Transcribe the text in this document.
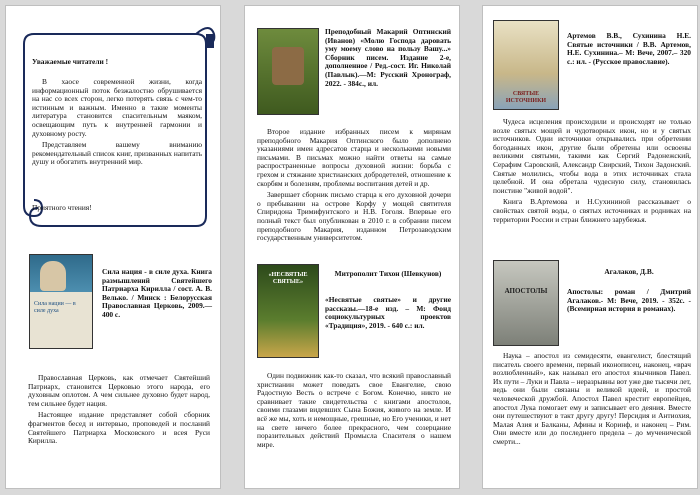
Уважаемые читатели !

В хаосе современной жизни, когда информационный поток безжалостно обрушивается на нас со всех сторон, легко потерять связь с чем-то истинным и важным. Именно в такие моменты литература становится спасительным маяком, освещающим путь к внутренней гармонии и духовному росту.

Представляем вашему вниманию рекомендательный список книг, призванных напитать душу и обогатить внутренний мир.

Приятного чтения!
Сила нации — в силе духа
Сила нация - в силе духа. Книга размышлений Святейшего Патриарха Кирилла / сост. А. В. Велько. / Минск : Белорусская Православная Церковь, 2009.—400 с.

Православная Церковь, как отмечает Святейший Патриарх, становится Церковью этого народа, его духовным оплотом. А чем сильнее духовно будет народ, тем сильнее будет нация.

Настоящее издание представляет собой сборник фрагментов бесед и интервью, проповедей и посланий Святейшего Патриарха Московского и всея Руси Кирилла.

Преподобный Макарий Оптинский (Иванов) «Молю Господа даровать уму моему слово на пользу Вашу...» Сборник писем. Издание 2-е, дополненное / Ред.-сост. Иг. Николай (Павлык).—М: Русский Хронограф, 2022. - 384с., ил.

Второе издание избранных писем к мирянам преподобного Макария Оптинского было дополнено указаниями имен адресатов старца и несколькими новыми письмами. В письмах можно найти ответы на самые распространенные вопросы духовной жизни: борьба с грехом и стяжание христианских добродетелей, отношение к скорбям и болезням, проблемы воспитания детей и др.

Завершает сборник письмо старца к его духовной дочери о пребывании на острове Корфу у мощей святителя Спиридона Тримифунтского и Н.В. Гоголя. Впервые его полный текст был опубликован в 2010 г. в собрании писем преподобного Макария, изданном Петрозаводским государственным университетом.

«НЕСВЯТЫЕ СВЯТЫЕ»
Митрополит Тихон (Шевкунов)
«Несвятые святые» и другие рассказы.—18-е изд. – М: Фонд социокультурных проектов «Традиция», 2019. - 640 с.: ил.

Один подвижник как-то сказал, что всякий православный христианин может поведать свое Евангелие, свою Радостную Весть о встрече с Богом. Конечно, никто не сравнивает такие свидетельства с книгами апостолов, своими глазами видевших Сына Божия, живого на земле. И всё же мы, хоть и немощные, грешные, но Его ученики, и нет на свете ничего более прекрасного, чем созерцание поразительных действий Промысла Спасителя о нашем мире.

СВЯТЫЕ ИСТОЧНИКИ
Артемов В.В., Сухинина Н.Е. Святые источники / В.В. Артемов, Н.Е. Сухинина.– М: Вече, 2007.– 320 с.: ил. - (Русское православие).

Чудеса исцеления происходили и происходят не только возле святых мощей и чудотворных икон, но и у святых источников. Одни источники открывались при обретении богоданных икон, другие были обретены или освоены великими святыми, такими как Сергий Радонежский, Серафим Саровский, Александр Свирский, Тихон Задонский. Святые молились, чтобы вода в этих источниках стала целебной. И она обретала чудесную силу, становилась поистине "живой водой".

Книга В.Артемова и Н.Сухининой рассказывает о свойствах святой воды, о святых источниках и родниках на территории России и стран ближнего зарубежья.

АПОСТОЛЫ
Агалаков, Д.В.
Апостолы: роман / Дмитрий Агалаков.- М: Вече, 2019. - 352с. - (Всемирная история в романах).

Наука – апостол из семидесяти, евангелист, блестящий писатель своего времени, первый иконописец, наконец, «врач возлюбленный», как называл его апостол язычников Павел. Их пути – Луки и Павла – неразрывны вот уже две тысячи лет, ведь они были связаны и великой идеей, и простой человеческой дружбой. Апостол Павел крестит европейцев, апостол Лука помогает ему и записывает его деяния. Вместе они путешествуют в такт другу другу! Персидия и Антиохия, Малая Азия и Балканы, Афины и Коринф, и наконец – Рим. Они вместе или до последнего предела – до мученической смерти...
